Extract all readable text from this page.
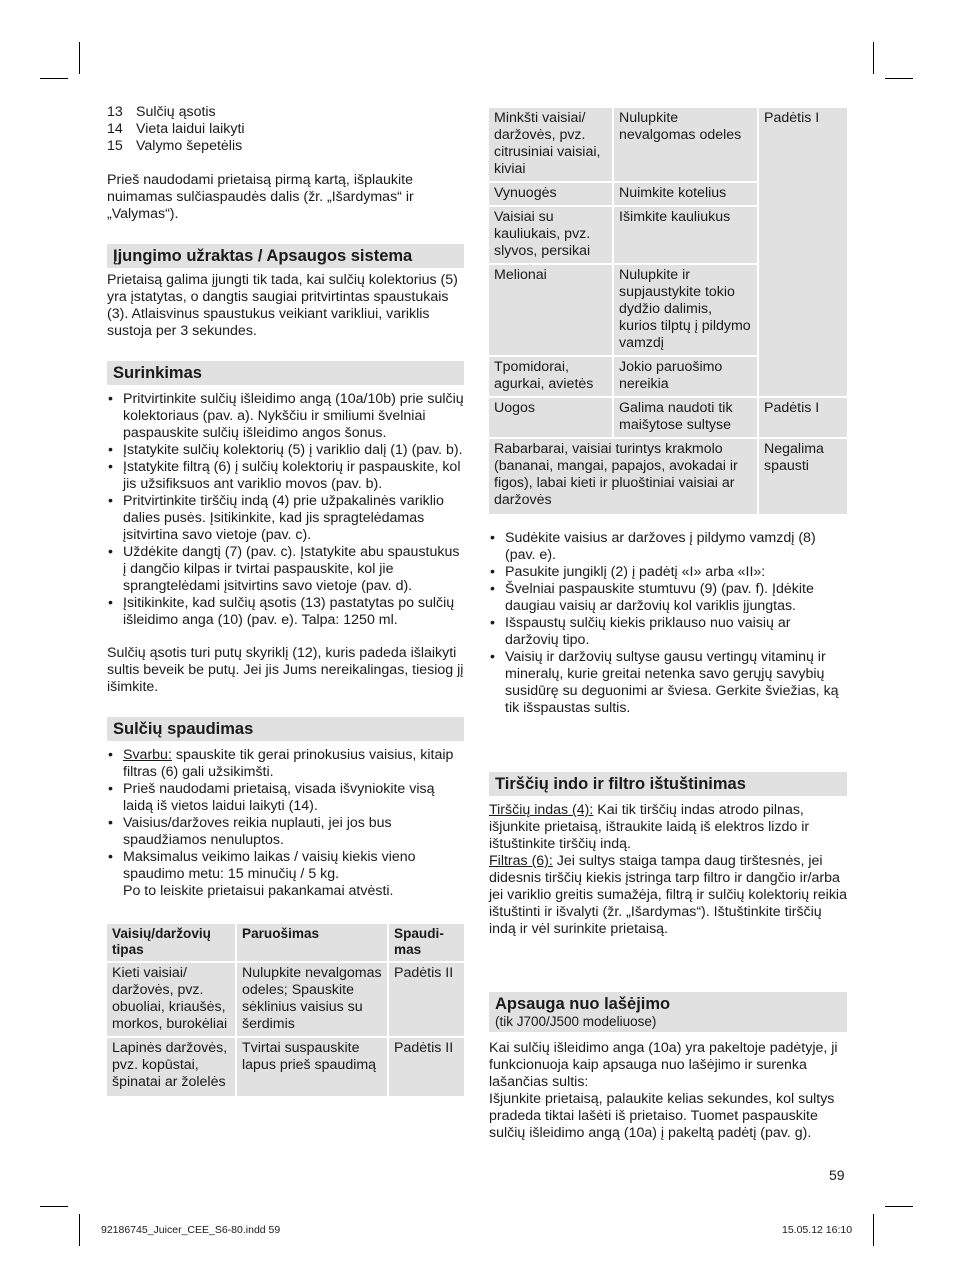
13 Sulčių ąsotis
14 Vieta laidui laikyti
15 Valymo šepetėlis

Prieš naudodami prietaisą pirmą kartą, išplaukite nuimamas sulčiaspaudės dalis (žr. „Išardymas“ ir „Valymas“).

Įjungimo užraktas / Apsaugos sistema

Prietaisą galima įjungti tik tada, kai sulčių kolektorius (5) yra įstatytas, o dangtis saugiai pritvirtintas spaustukais (3). Atlaisvinus spaustukus veikiant varikliui, variklis sustoja per 3 sekundes.

Surinkimas
• Pritvirtinkite sulčių išleidimo angą (10a/10b) prie sulčių kolektoriaus (pav. a). Nykščiu ir smiliumi švelniai paspauskite sulčių išleidimo angos šonus.
• Įstatykite sulčių kolektorių (5) į variklio dalį (1) (pav. b).
• Įstatykite filtrą (6) į sulčių kolektorių ir paspauskite, kol jis užsifiksuos ant variklio movos (pav. b).
• Pritvirtinkite tirščių indą (4) prie užpakalinės variklio dalies pusės. Įsitikinkite, kad jis spragtelėdamas įsitvirtina savo vietoje (pav. c).
• Uždėkite dangtį (7) (pav. c). Įstatykite abu spaustukus į dangčio kilpas ir tvirtai paspauskite, kol jie sprangtelėdami įsitvirtins savo vietoje (pav. d).
• Įsitikinkite, kad sulčių ąsotis (13) pastatytas po sulčių išleidimo anga (10) (pav. e). Talpa: 1250 ml.

Sulčių ąsotis turi putų skyriklį (12), kuris padeda išlaikyti sultis beveik be putų. Jei jis Jums nereikalingas, tiesiog jį išimkite.

Sulčių spaudimas
• Svarbu: spauskite tik gerai prinokusius vaisius, kitaip filtras (6) gali užsikimšti.
• Prieš naudodami prietaisą, visada išvyniokite visą laidą iš vietos laidui laikyti (14).
• Vaisius/daržoves reikia nuplauti, jei jos bus spaudžiamos nenuluptos.
• Maksimalus veikimo laikas / vaisių kiekis vieno spaudimo metu: 15 minučių / 5 kg.
Po to leiskite prietaisui pakankamai atvėsti.
Vaisių/daržovių tipas	Paruošimas	Spaudi-mas
Kieti vaisiai/ daržovės, pvz. obuoliai, kriaušės, morkos, burokėliai	Nulupkite nevalgomas odeles; Spauskite sėklinius vaisius su šerdimis	Padėtis II
Lapinės daržovės, pvz. kopūstai, špinatai ar žolelės	Tvirtai suspauskite lapus prieš spaudimą	Padėtis II
Minkšti vaisiai/ daržovės, pvz. citrusiniai vaisiai, kiviai	Nulupkite nevalgomas odeles	Padėtis I
Vynuogės	Nuimkite kotelius	
Vaisiai su kauliukais, pvz. slyvos, persikai	Išimkite kauliukus	
Melionai	Nulupkite ir supjaustykite tokio dydžio dalimis, kurios tilptų į pildymo vamzdį	
Tpomidorai, agurkai, avietės	Jokio paruošimo nereikia	
Uogos	Galima naudoti tik maišytose sultyse	Padėtis I
Rabarbarai, vaisiai turintys krakmolo (bananai, mangai, papajos, avokadai ir figos), labai kieti ir pluoštiniai vaisiai ar daržovės		Negalima spausti
• Sudėkite vaisius ar daržoves į pildymo vamzdį (8) (pav. e).
• Pasukite jungiklį (2) į padėtį «I» arba «II»:
• Švelniai paspauskite stumtuvu (9) (pav. f). Įdėkite daugiau vaisių ar daržovių kol variklis įjungtas.
• Išspaustų sulčių kiekis priklauso nuo vaisių ar daržovių tipo.
• Vaisių ir daržovių sultyse gausu vertingų vitaminų ir mineralų, kurie greitai netenka savo gerųjų savybių susidūrę su deguonimi ar šviesa. Gerkite šviežias, ką tik išspaustas sultis.
Tirščių indo ir filtro ištuštinimas

Tirščių indas (4): Kai tik tirščių indas atrodo pilnas, išjunkite prietaisą, ištraukite laidą iš elektros lizdo ir ištuštinkite tirščių indą.

Filtras (6): Jei sultys staiga tampa daug tirštesnės, jei didesnis tirščių kiekis įstringa tarp filtro ir dangčio ir/arba jei variklio greitis sumažėja, filtrą ir sulčių kolektorių reikia ištuštinti ir išvalyti (žr. „Išardymas“). Ištuštinkite tirščių indą ir vėl surinkite prietaisą.

Apsauga nuo lašėjimo
(tik J700/J500 modeliuose)

Kai sulčių išleidimo anga (10a) yra pakeltoje padėtyje, ji funkcionuoja kaip apsauga nuo lašėjimo ir surenka lašančias sultis:

Išjunkite prietaisą, palaukite kelias sekundes, kol sultys pradeda tiktai lašėti iš prietaiso. Tuomet paspauskite sulčių išleidimo angą (10a) į pakeltą padėtį (pav. g).

59
92186745_Juicer_CEE_S6-80.indd 59	15.05.12 16:10
